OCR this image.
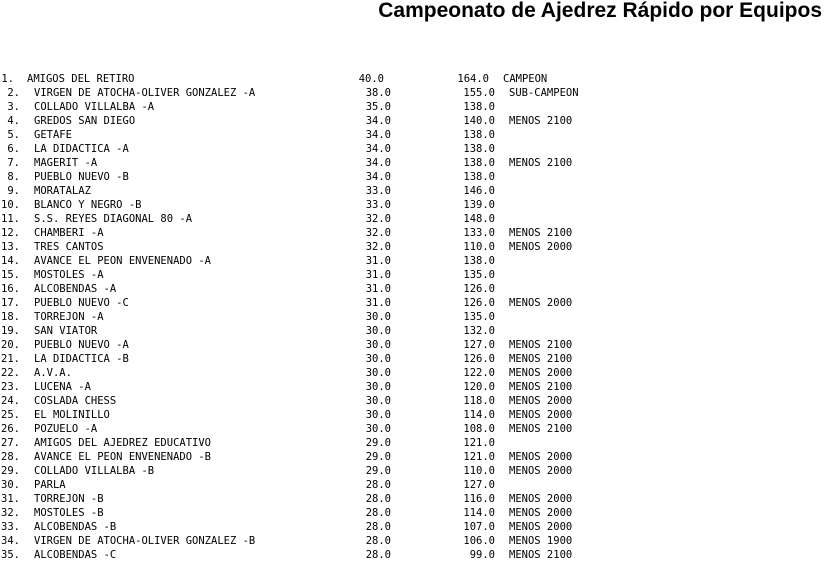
Campeonato de Ajedrez Rápido por Equipos
1. AMIGOS DEL RETIRO	40.0	164.0 CAMPEON
2. VIRGEN DE ATOCHA-OLIVER GONZALEZ -A	38.0	155.0 SUB-CAMPEON
3. COLLADO VILLALBA -A	35.0	138.0
4. GREDOS SAN DIEGO	34.0	140.0 MENOS 2100
5. GETAFE	34.0	138.0
6. LA DIDACTICA -A	34.0	138.0
7. MAGERIT -A	34.0	138.0 MENOS 2100
8. PUEBLO NUEVO -B	34.0	138.0
9. MORATALAZ	33.0	146.0
10. BLANCO Y NEGRO -B	33.0	139.0
11. S.S. REYES DIAGONAL 80 -A	32.0	148.0
12. CHAMBERI -A	32.0	133.0 MENOS 2100
13. TRES CANTOS	32.0	110.0 MENOS 2000
14. AVANCE EL PEON ENVENENADO -A	31.0	138.0
15. MOSTOLES -A	31.0	135.0
16. ALCOBENDAS -A	31.0	126.0
17. PUEBLO NUEVO -C	31.0	126.0 MENOS 2000
18. TORREJON -A	30.0	135.0
19. SAN VIATOR	30.0	132.0
20. PUEBLO NUEVO -A	30.0	127.0 MENOS 2100
21. LA DIDACTICA -B	30.0	126.0 MENOS 2100
22. A.V.A.	30.0	122.0 MENOS 2000
23. LUCENA -A	30.0	120.0 MENOS 2100
24. COSLADA CHESS	30.0	118.0 MENOS 2000
25. EL MOLINILLO	30.0	114.0 MENOS 2000
26. POZUELO -A	30.0	108.0 MENOS 2100
27. AMIGOS DEL AJEDREZ EDUCATIVO	29.0	121.0
28. AVANCE EL PEON ENVENENADO -B	29.0	121.0 MENOS 2000
29. COLLADO VILLALBA -B	29.0	110.0 MENOS 2000
30. PARLA	28.0	127.0
31. TORREJON -B	28.0	116.0 MENOS 2000
32. MOSTOLES -B	28.0	114.0 MENOS 2000
33. ALCOBENDAS -B	28.0	107.0 MENOS 2000
34. VIRGEN DE ATOCHA-OLIVER GONZALEZ -B	28.0	106.0 MENOS 1900
35. ALCOBENDAS -C	28.0	99.0 MENOS 2100
